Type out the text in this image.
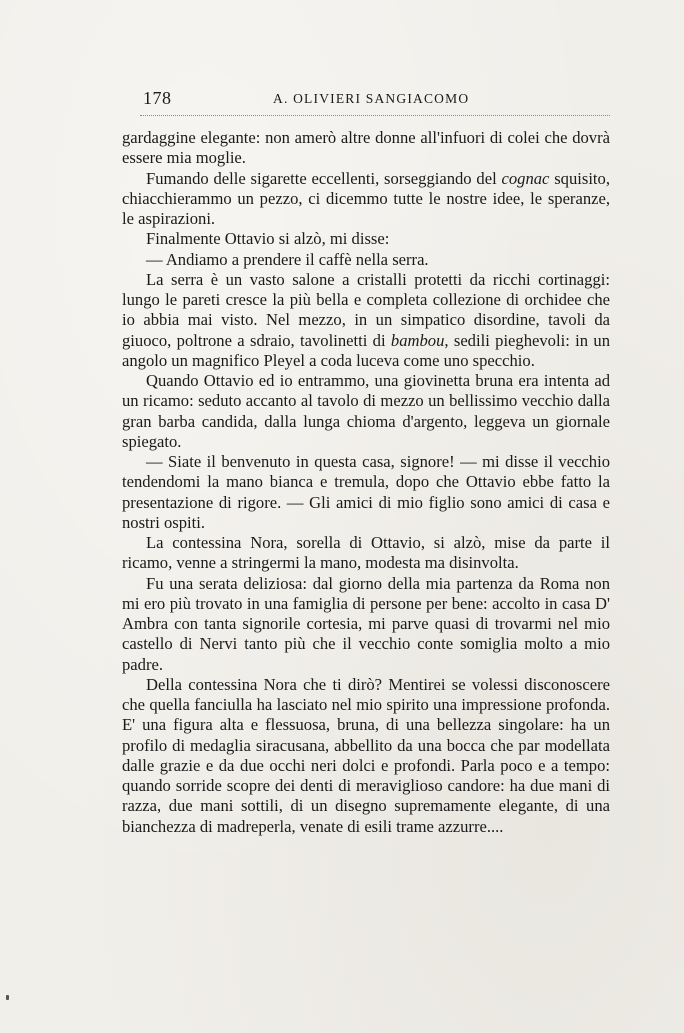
178	A. OLIVIERI SANGIACOMO

gardaggine elegante: non amerò altre donne all'infuori di colei che dovrà essere mia moglie.

Fumando delle sigarette eccellenti, sorseggiando del cognac squisito, chiacchierammo un pezzo, ci dicemmo tutte le nostre idee, le speranze, le aspirazioni.

Finalmente Ottavio si alzò, mi disse:

— Andiamo a prendere il caffè nella serra.

La serra è un vasto salone a cristalli protetti da ricchi cortinaggi: lungo le pareti cresce la più bella e completa collezione di orchidee che io abbia mai visto. Nel mezzo, in un simpatico disordine, tavoli da giuoco, poltrone a sdraio, tavolinetti di bambou, sedili pieghevoli: in un angolo un magnifico Pleyel a coda luceva come uno specchio.

Quando Ottavio ed io entrammo, una giovinetta bruna era intenta ad un ricamo: seduto accanto al tavolo di mezzo un bellissimo vecchio dalla gran barba candida, dalla lunga chioma d'argento, leggeva un giornale spiegato.

— Siate il benvenuto in questa casa, signore! — mi disse il vecchio tendendomi la mano bianca e tremula, dopo che Ottavio ebbe fatto la presentazione di rigore. — Gli amici di mio figlio sono amici di casa e nostri ospiti.

La contessina Nora, sorella di Ottavio, si alzò, mise da parte il ricamo, venne a stringermi la mano, modesta ma disinvolta.

Fu una serata deliziosa: dal giorno della mia partenza da Roma non mi ero più trovato in una famiglia di persone per bene: accolto in casa D' Ambra con tanta signorile cortesia, mi parve quasi di trovarmi nel mio castello di Nervi tanto più che il vecchio conte somiglia molto a mio padre.

Della contessina Nora che ti dirò? Mentirei se volessi disconoscere che quella fanciulla ha lasciato nel mio spirito una impressione profonda. E' una figura alta e flessuosa, bruna, di una bellezza singolare: ha un profilo di medaglia siracusana, abbellito da una bocca che par modellata dalle grazie e da due occhi neri dolci e profondi. Parla poco e a tempo: quando sorride scopre dei denti di meraviglioso candore: ha due mani di razza, due mani sottili, di un disegno supremamente elegante, di una bianchezza di madreperla, venate di esili trame azzurre....
